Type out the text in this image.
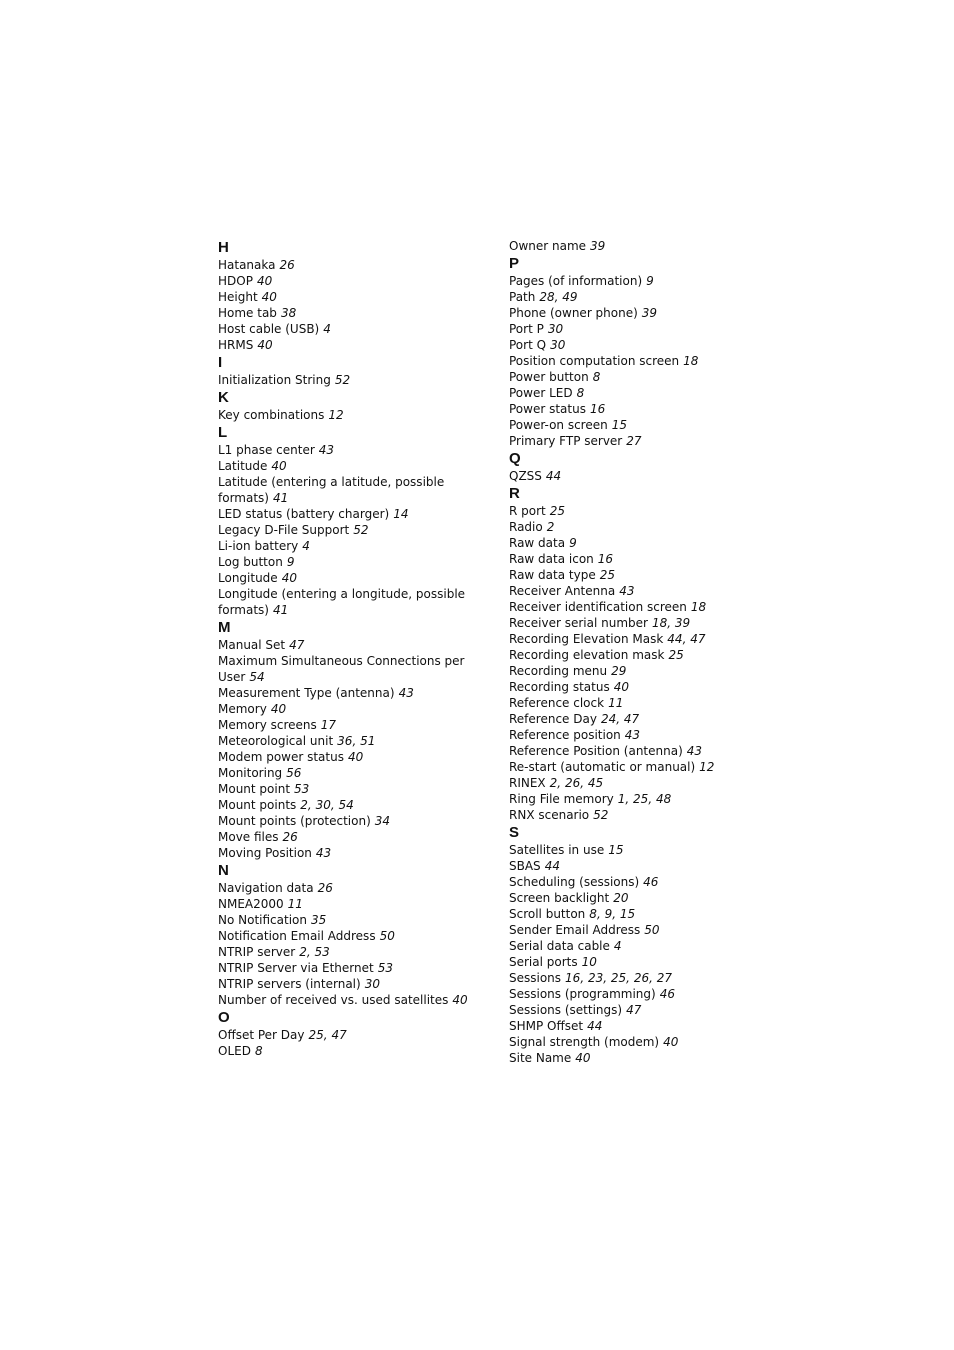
H
Hatanaka 26
HDOP 40
Height 40
Home tab 38
Host cable (USB) 4
HRMS 40
I
Initialization String 52
K
Key combinations 12
L
L1 phase center 43
Latitude 40
Latitude (entering a latitude, possible formats) 41
LED status (battery charger) 14
Legacy D-File Support 52
Li-ion battery 4
Log button 9
Longitude 40
Longitude (entering a longitude, possible formats) 41
M
Manual Set 47
Maximum Simultaneous Connections per User 54
Measurement Type (antenna) 43
Memory 40
Memory screens 17
Meteorological unit 36, 51
Modem power status 40
Monitoring 56
Mount point 53
Mount points 2, 30, 54
Mount points (protection) 34
Move files 26
Moving Position 43
N
Navigation data 26
NMEA2000 11
No Notification 35
Notification Email Address 50
NTRIP server 2, 53
NTRIP Server via Ethernet 53
NTRIP servers (internal) 30
Number of received vs. used satellites 40
O
Offset Per Day 25, 47
OLED 8
Owner name 39
P
Pages (of information) 9
Path 28, 49
Phone (owner phone) 39
Port P 30
Port Q 30
Position computation screen 18
Power button 8
Power LED 8
Power status 16
Power-on screen 15
Primary FTP server 27
Q
QZSS 44
R
R port 25
Radio 2
Raw data 9
Raw data icon 16
Raw data type 25
Receiver Antenna 43
Receiver identification screen 18
Receiver serial number 18, 39
Recording Elevation Mask 44, 47
Recording elevation mask 25
Recording menu 29
Recording status 40
Reference clock 11
Reference Day 24, 47
Reference position 43
Reference Position (antenna) 43
Re-start (automatic or manual) 12
RINEX 2, 26, 45
Ring File memory 1, 25, 48
RNX scenario 52
S
Satellites in use 15
SBAS 44
Scheduling (sessions) 46
Screen backlight 20
Scroll button 8, 9, 15
Sender Email Address 50
Serial data cable 4
Serial ports 10
Sessions 16, 23, 25, 26, 27
Sessions (programming) 46
Sessions (settings) 47
SHMP Offset 44
Signal strength (modem) 40
Site Name 40
